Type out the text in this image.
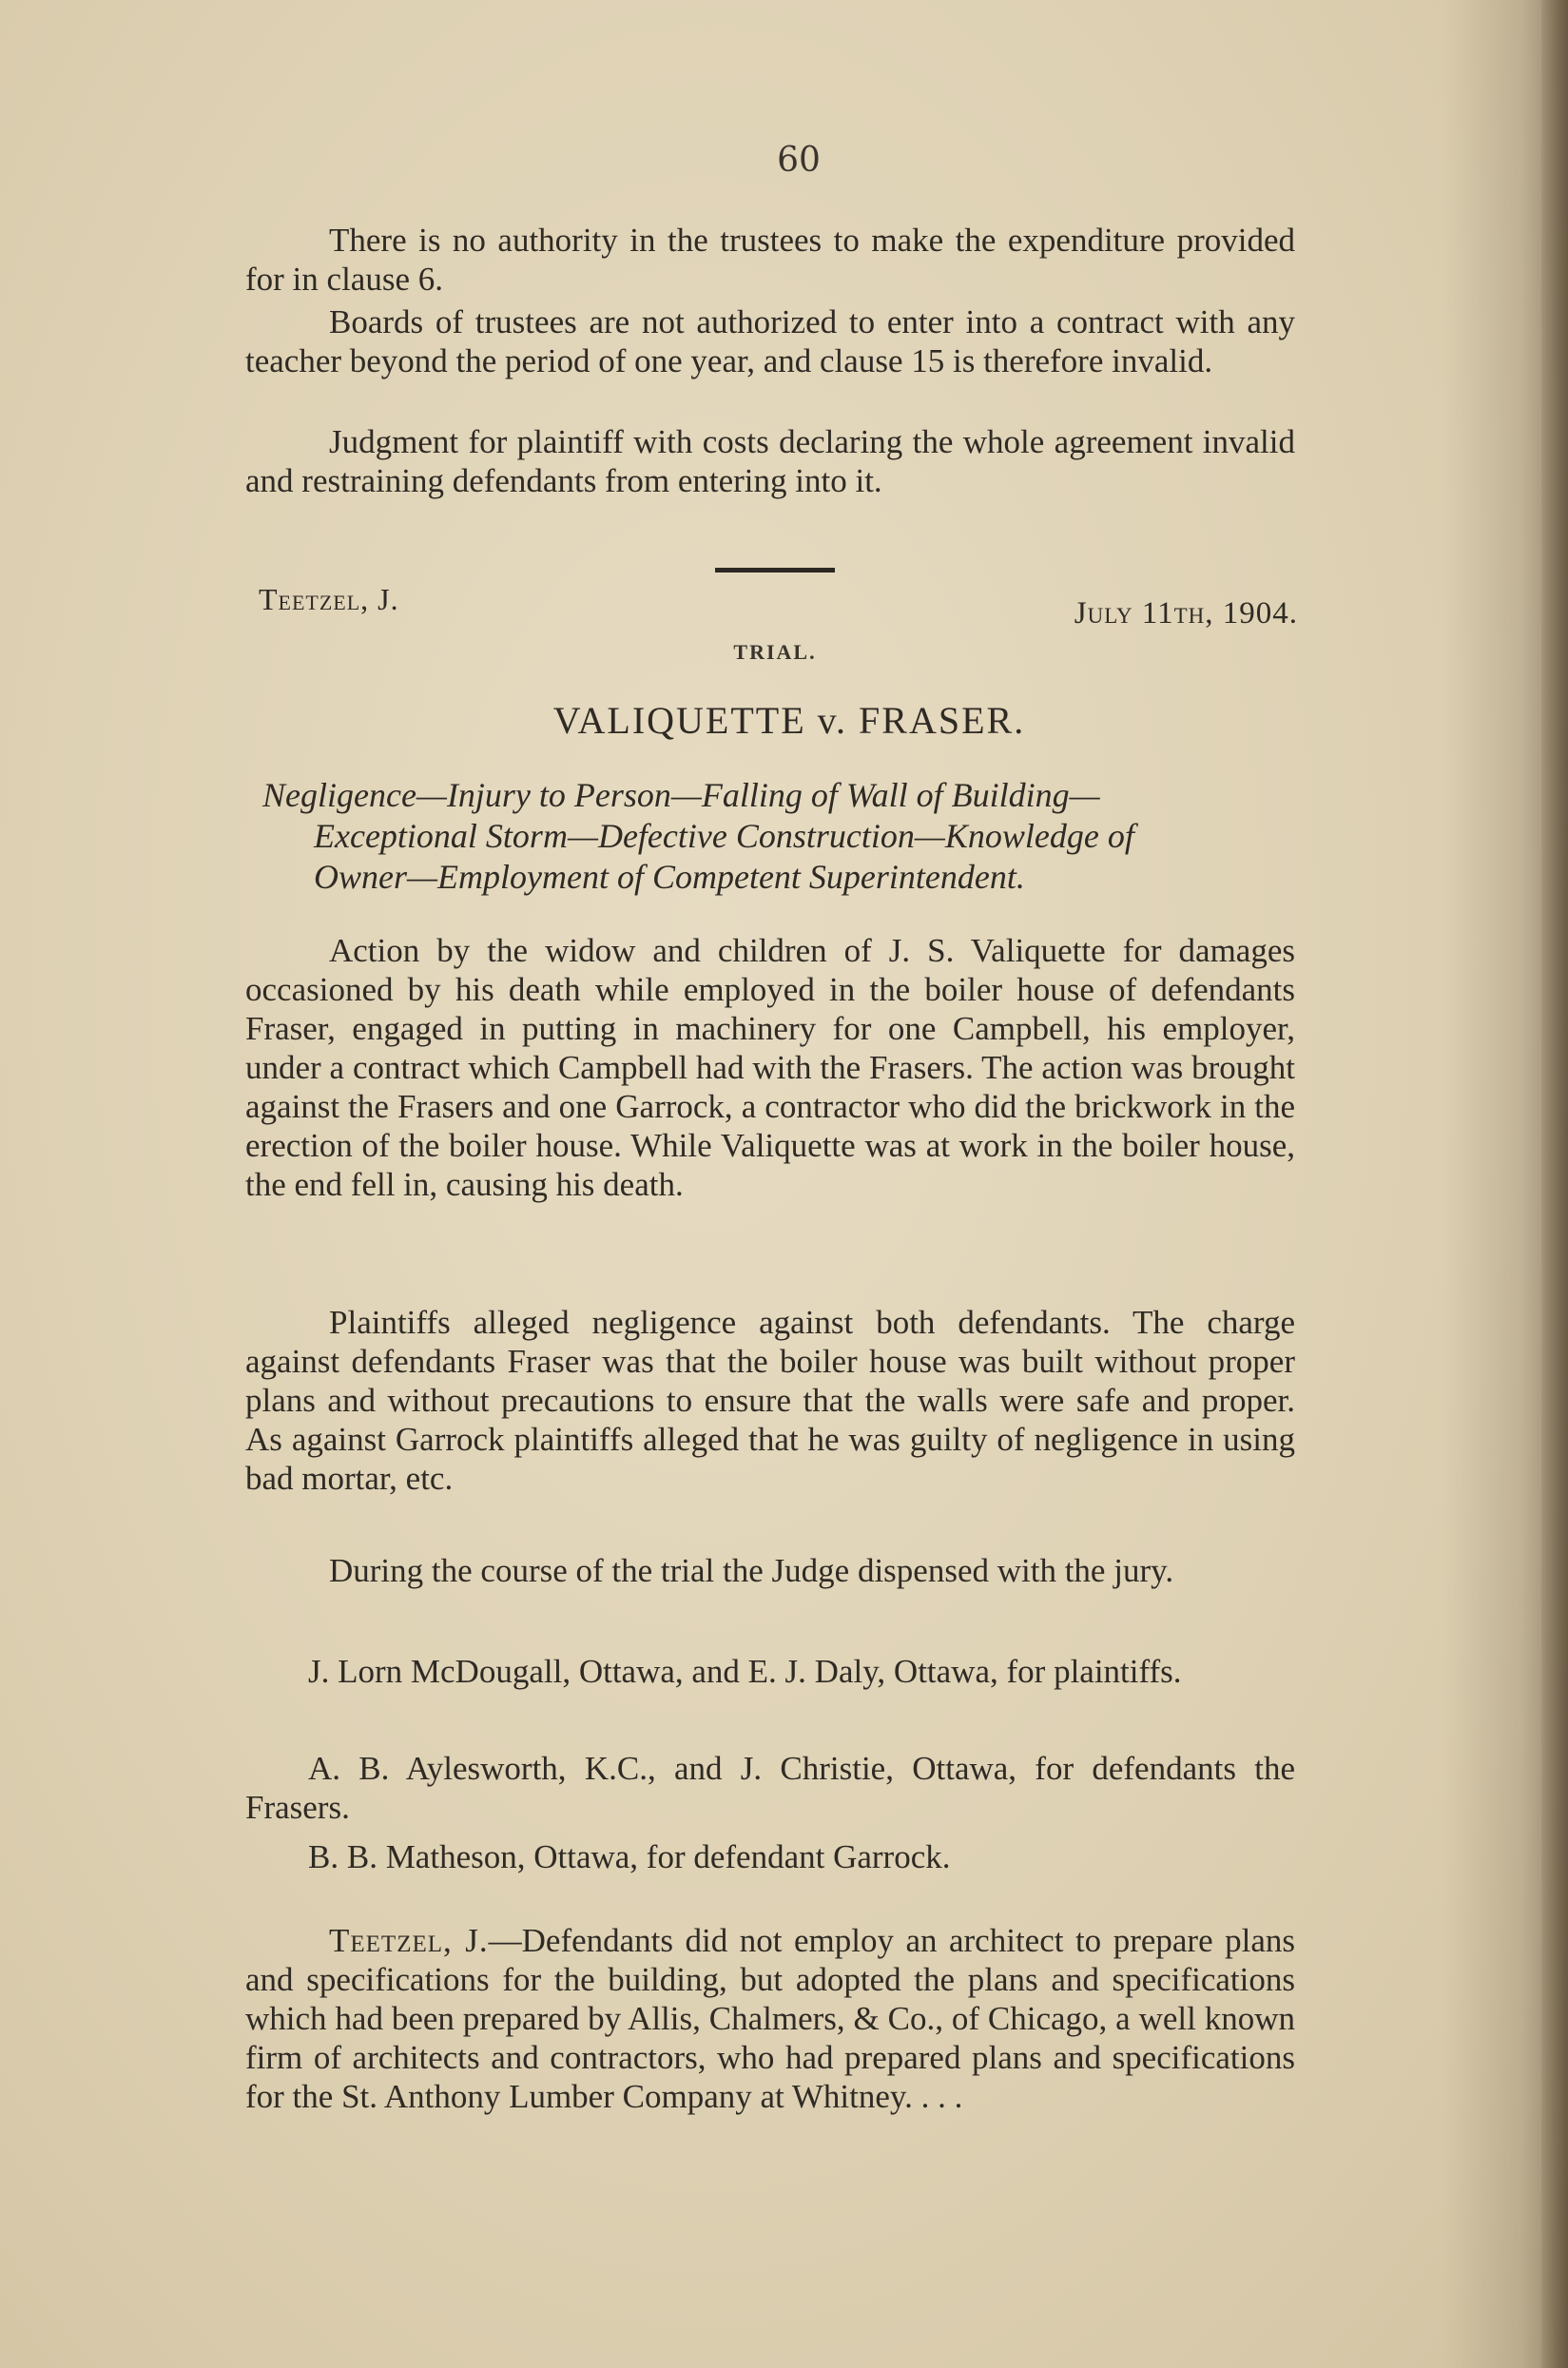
60

There is no authority in the trustees to make the expenditure provided for in clause 6.

Boards of trustees are not authorized to enter into a contract with any teacher beyond the period of one year, and clause 15 is therefore invalid.

Judgment for plaintiff with costs declaring the whole agreement invalid and restraining defendants from entering into it.

Teetzel, J.	July 11th, 1904.
TRIAL.
VALIQUETTE v. FRASER.
Negligence—Injury to Person—Falling of Wall of Building—
Exceptional Storm—Defective Construction—Knowledge of
Owner—Employment of Competent Superintendent.

Action by the widow and children of J. S. Valiquette for damages occasioned by his death while employed in the boiler house of defendants Fraser, engaged in putting in machinery for one Campbell, his employer, under a contract which Campbell had with the Frasers. The action was brought against the Frasers and one Garrock, a contractor who did the brickwork in the erection of the boiler house. While Valiquette was at work in the boiler house, the end fell in, causing his death.

Plaintiffs alleged negligence against both defendants. The charge against defendants Fraser was that the boiler house was built without proper plans and without precautions to ensure that the walls were safe and proper. As against Garrock plaintiffs alleged that he was guilty of negligence in using bad mortar, etc.

During the course of the trial the Judge dispensed with the jury.

J. Lorn McDougall, Ottawa, and E. J. Daly, Ottawa, for plaintiffs.

A. B. Aylesworth, K.C., and J. Christie, Ottawa, for defendants the Frasers.

B. B. Matheson, Ottawa, for defendant Garrock.

Teetzel, J.—Defendants did not employ an architect to prepare plans and specifications for the building, but adopted the plans and specifications which had been prepared by Allis, Chalmers, & Co., of Chicago, a well known firm of architects and contractors, who had prepared plans and specifications for the St. Anthony Lumber Company at Whitney. . . .
